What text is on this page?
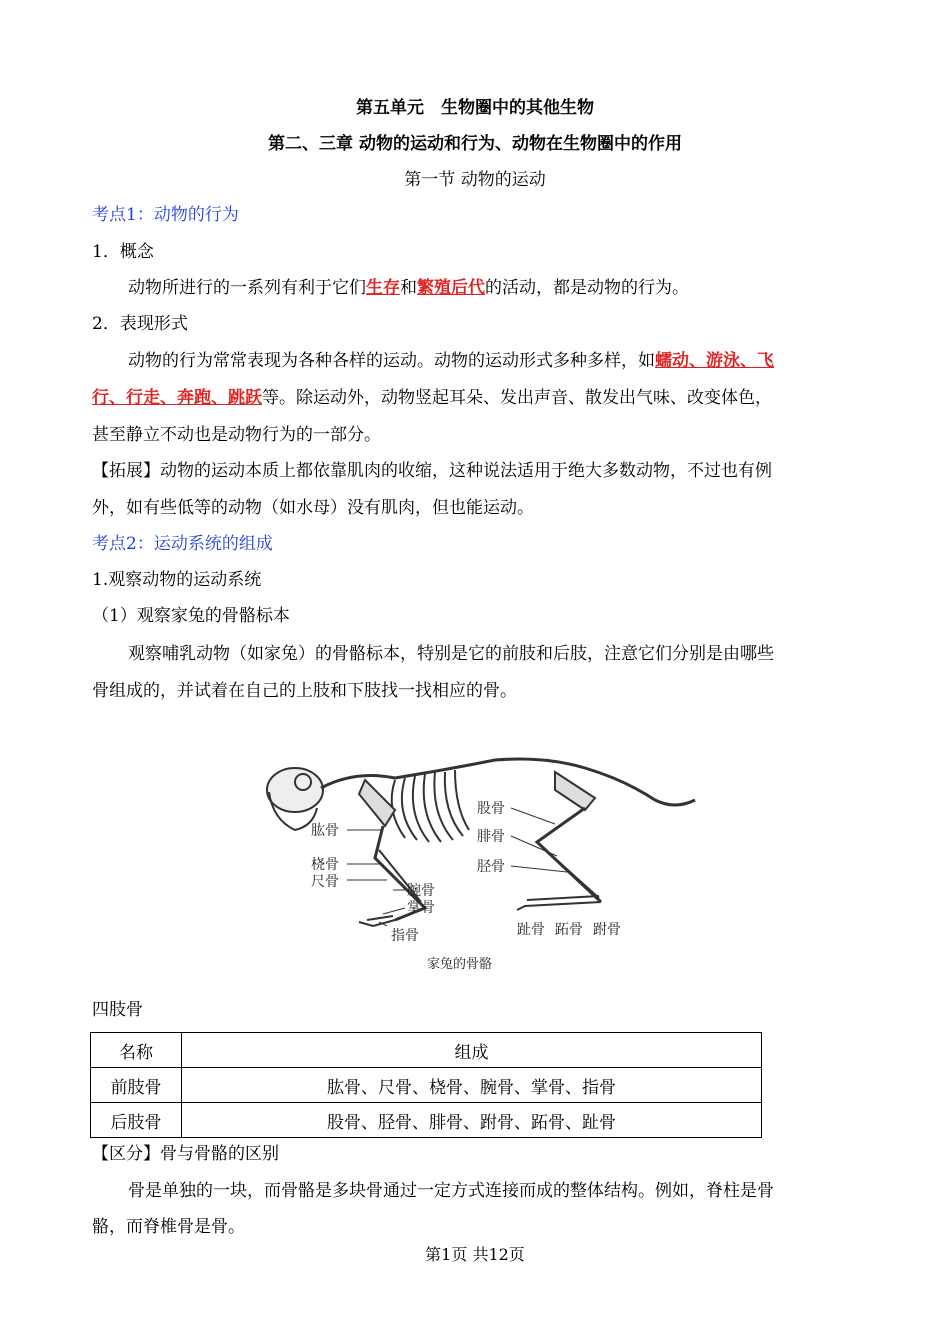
第五单元　生物圈中的其他生物
第二、三章 动物的运动和行为、动物在生物圈中的作用
第一节 动物的运动
考点1：动物的行为
1．概念
动物所进行的一系列有利于它们生存和繁殖后代的活动，都是动物的行为。
2．表现形式
动物的行为常常表现为各种各样的运动。动物的运动形式多种多样，如蠕动、游泳、飞
行、行走、奔跑、跳跃等。除运动外，动物竖起耳朵、发出声音、散发出气味、改变体色，
甚至静立不动也是动物行为的一部分。
【拓展】动物的运动本质上都依靠肌肉的收缩，这种说法适用于绝大多数动物，不过也有例
外，如有些低等的动物（如水母）没有肌肉，但也能运动。
考点2：运动系统的组成
1.观察动物的运动系统
（1）观察家兔的骨骼标本
观察哺乳动物（如家兔）的骨骼标本，特别是它的前肢和后肢，注意它们分别是由哪些
骨组成的，并试着在自己的上肢和下肢找一找相应的骨。
肱骨
桡骨
尺骨
腕骨
掌骨
指骨
股骨
腓骨
胫骨
趾骨 跖骨 跗骨
家兔的骨骼
四肢骨
名称	组成
前肢骨	肱骨、尺骨、桡骨、腕骨、掌骨、指骨
后肢骨	股骨、胫骨、腓骨、跗骨、跖骨、趾骨
【区分】骨与骨骼的区别
骨是单独的一块，而骨骼是多块骨通过一定方式连接而成的整体结构。例如，脊柱是骨
骼，而脊椎骨是骨。
第1页 共12页
